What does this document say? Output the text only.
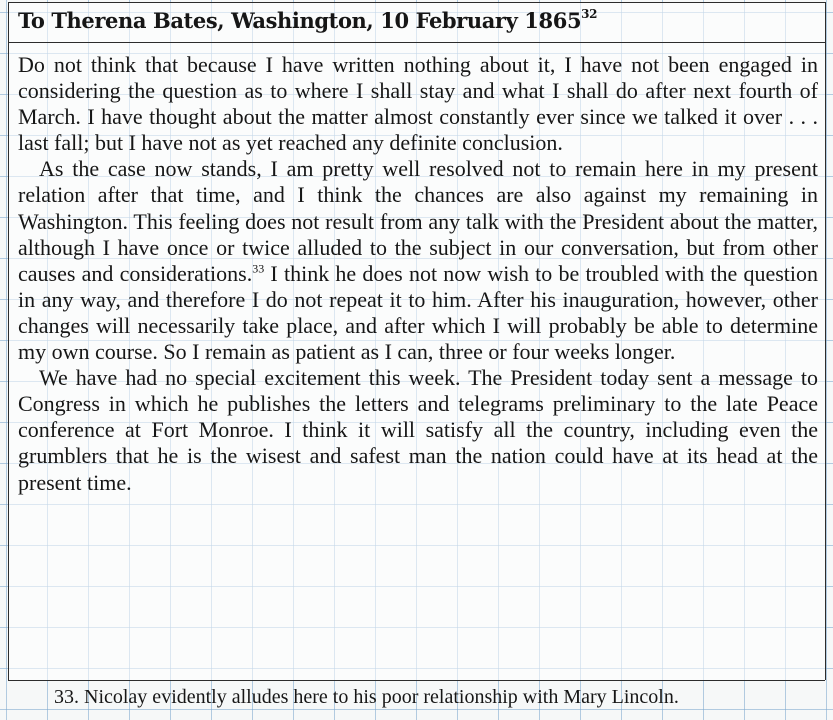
To Therena Bates, Washington, 10 February 1865$^{32}$

Do not think that because I have written nothing about it, I have not been engaged in considering the question as to where I shall stay and what I shall do after next fourth of March. I have thought about the matter almost constantly ever since we talked it over . . . last fall; but I have not as yet reached any definite conclusion.

As the case now stands, I am pretty well resolved not to remain here in my present relation after that time, and I think the chances are also against my remaining in Washington. This feeling does not result from any talk with the President about the matter, although I have once or twice alluded to the subject in our conversation, but from other causes and considerations.$^{33}$ I think he does not now wish to be troubled with the question in any way, and therefore I do not repeat it to him. After his inauguration, however, other changes will necessarily take place, and after which I will probably be able to determine my own course. So I remain as patient as I can, three or four weeks longer.

We have had no special excitement this week. The President today sent a message to Congress in which he publishes the letters and telegrams preliminary to the late Peace conference at Fort Monroe. I think it will satisfy all the country, including even the grumblers that he is the wisest and safest man the nation could have at its head at the present time.

33. Nicolay evidently alludes here to his poor relationship with Mary Lincoln.
